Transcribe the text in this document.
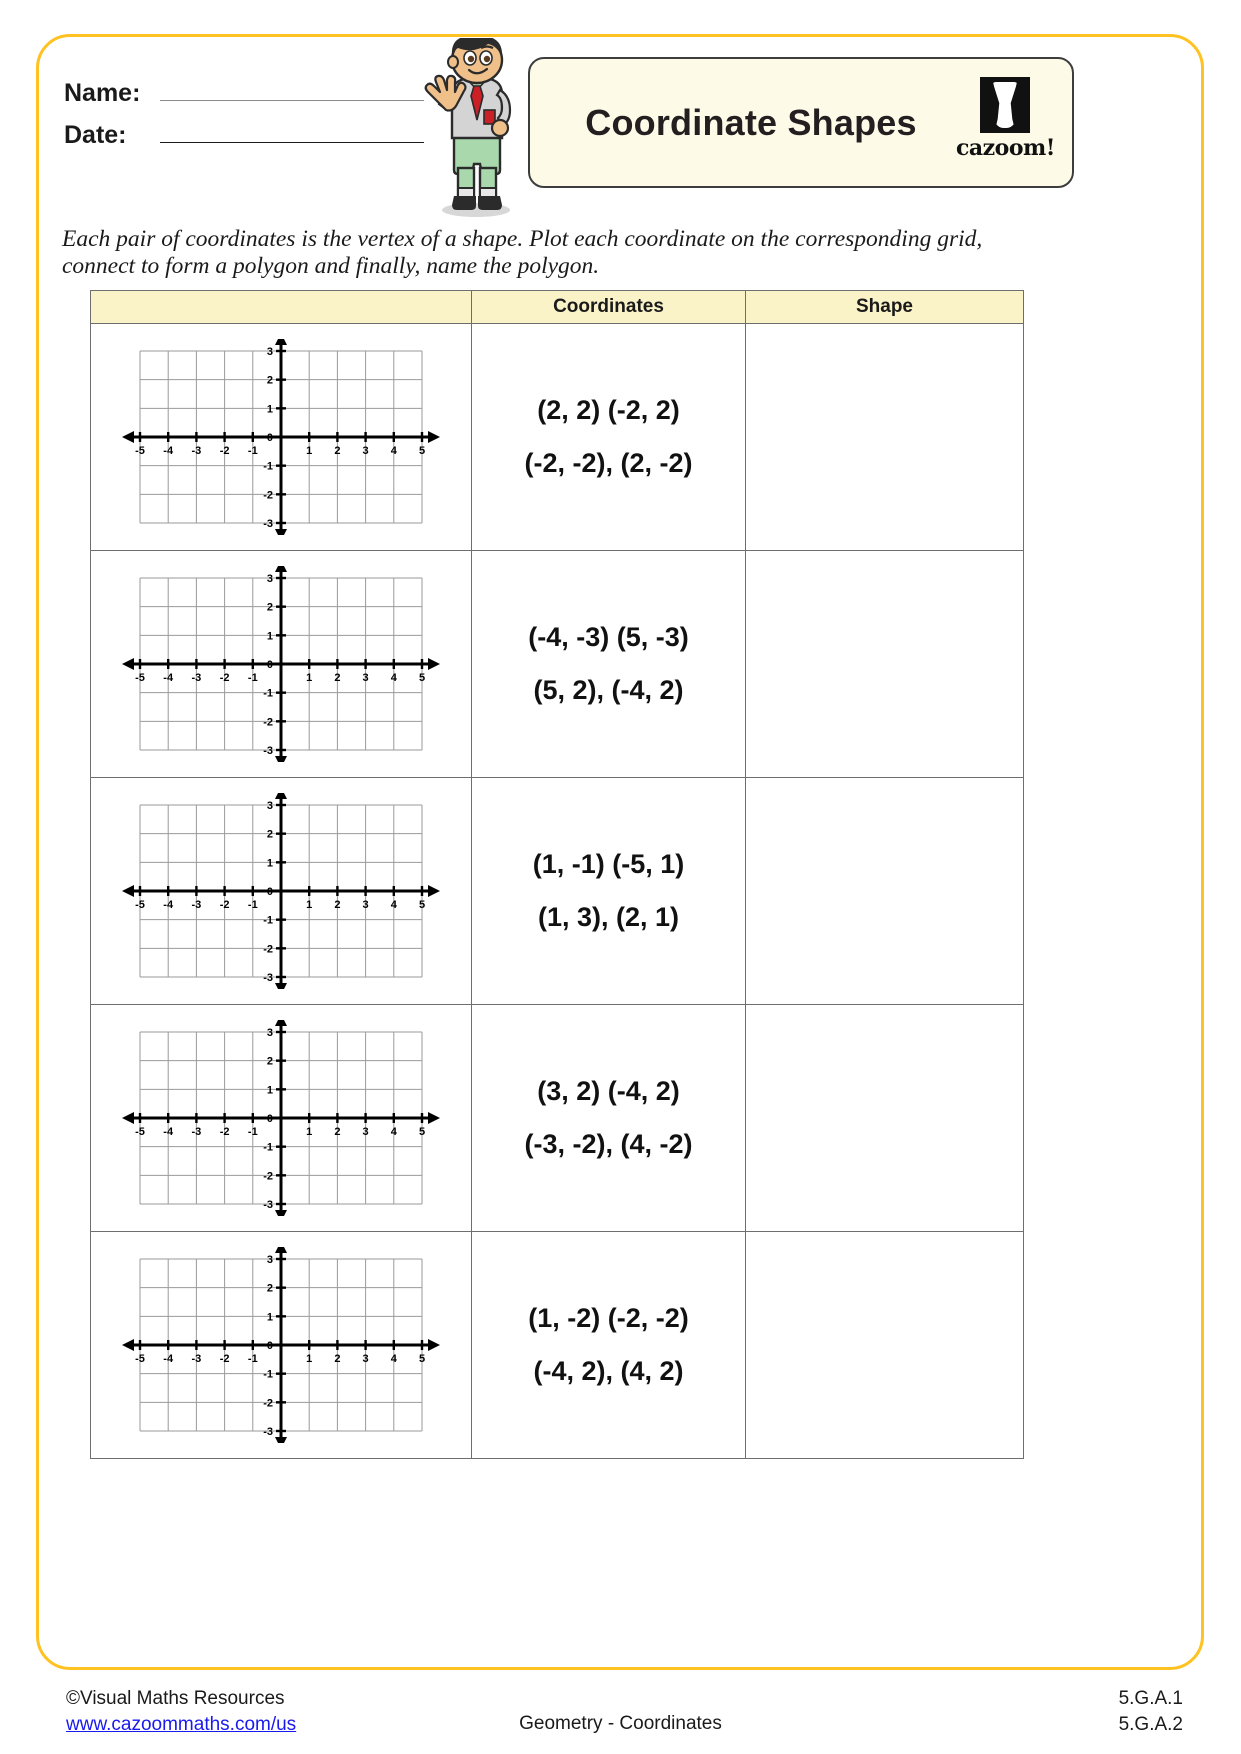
Name:
Date:	Coordinate Shapes
cazoom!
Each pair of coordinates is the vertex of a shape. Plot each coordinate on the corresponding grid,
connect to form a polygon and finally, name the polygon.
	Coordinates	Shape

-5 -4 -3 -2 -1	1 2 3 4 5
3
2
1
0
-1
-2
-3

(2, 2) (-2, 2)
(-2, -2), (2, -2)

-5 -4 -3 -2 -1	1 2 3 4 5
3
2
1
0
-1
-2
-3

(-4, -3) (5, -3)
(5, 2), (-4, 2)

-5 -4 -3 -2 -1	1 2 3 4 5
3
2
1
0
-1
-2
-3

(1, -1) (-5, 1)
(1, 3), (2, 1)

-5 -4 -3 -2 -1	1 2 3 4 5
3
2
1
0
-1
-2
-3

(3, 2) (-4, 2)
(-3, -2), (4, -2)

-5 -4 -3 -2 -1	1 2 3 4 5
3
2
1
0
-1
-2
-3

(1, -2) (-2, -2)
(-4, 2), (4, 2)

©Visual Maths Resources
www.cazoommaths.com/us	Geometry - Coordinates
5.G.A.1
5.G.A.2
